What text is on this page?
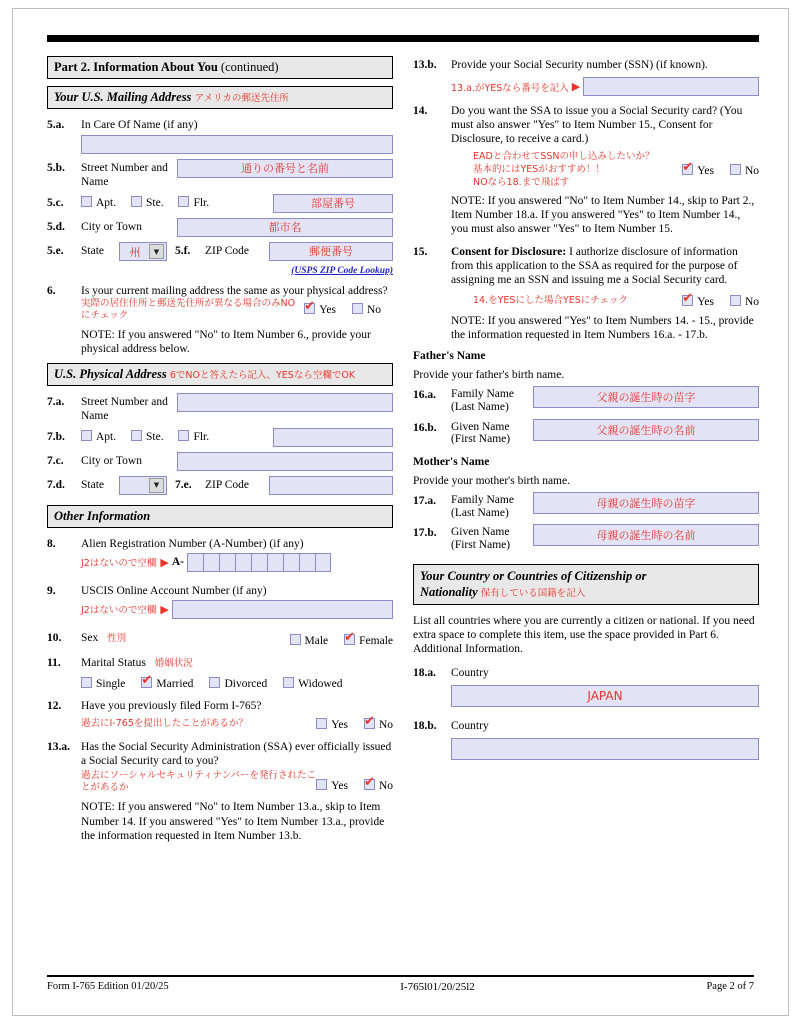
Part 2. Information About You (continued)
Your U.S. Mailing Address アメリカの郵送先住所
5.a.	In Care Of Name (if any)
5.b.	Street Number and Name
通りの番号と名前
5.c.	Apt.	Ste.	Flr.	部屋番号
5.d.	City or Town	都市名
5.e.	State	州	▼	5.f.	ZIP Code	郵便番号
(USPS ZIP Code Lookup)
6.	Is your current mailing address the same as your physical address?
実際の居住住所と郵送先住所が異なる場合のみNOにチェック ✔	Yes	No
NOTE: If you answered "No" to Item Number 6., provide your physical address below.
U.S. Physical Address 6でNOと答えたら記入、YESなら空欄でOK
7.a.	Street Number and Name
7.b.	Apt.	Ste.	Flr.
7.c.	City or Town
7.d.	State	▼	7.e.	ZIP Code
Other Information
8.	Alien Registration Number (A-Number) (if any)
J2はないので空欄 ▶ A-
9.	USCIS Online Account Number (if any)
J2はないので空欄 ▶
10.	Sex 性別	Male ✔	Female
11.	Marital Status 婚姻状況
Single ✔	Married	Divorced	Widowed
12.	Have you previously filed Form I-765?
過去にI-765を提出したことがあるか？	Yes ✔	No
13.a. Has the Social Security Administration (SSA) ever officially issued a Social Security card to you?
過去にソーシャルセキュリティナンバーを発行されたことがあるか	Yes ✔	No
NOTE: If you answered "No" to Item Number 13.a., skip to Item Number 14. If you answered "Yes" to Item Number 13.a., provide the information requested in Item Number 13.b.
13.b.	Provide your Social Security number (SSN) (if known).
13.a.がYESなら番号を記入 ▶
14.	Do you want the SSA to issue you a Social Security card? (You must also answer "Yes" to Item Number 15., Consent for Disclosure, to receive a card.)
EADと合わせてSSNの申し込みしたいか？
基本的にはYESがおすすめ！！
NOなら18.まで飛ばす
✔Yes	No
NOTE: If you answered "No" to Item Number 14., skip to Part 2., Item Number 18.a. If you answered "Yes" to Item Number 14., you must also answer "Yes" to Item Number 15.
15.	Consent for Disclosure: I authorize disclosure of information from this application to the SSA as required for the purpose of assigning me an SSN and issuing me a Social Security card.
14.をYESにした場合YESにチェック ✔	Yes	No
NOTE: If you answered "Yes" to Item Numbers 14. - 15., provide the information requested in Item Numbers 16.a. - 17.b.
Father's Name
Provide your father's birth name.
16.a.	Family Name
(Last Name)
父親の誕生時の苗字
16.b.	Given Name
(First Name)
父親の誕生時の名前
Mother's Name
Provide your mother's birth name.
17.a.	Family Name
(Last Name)
母親の誕生時の苗字
17.b.	Given Name
(First Name)
母親の誕生時の名前
Your Country or Countries of Citizenship or
Nationality 保有している国籍を記入
List all countries where you are currently a citizen or national. If you need extra space to complete this item, use the space provided in Part 6. Additional Information.
18.a.	Country
JAPAN
18.b.	Country
Form I-765 Edition 01/20/25	I-765l01/20/25l2	Page 2 of 7
